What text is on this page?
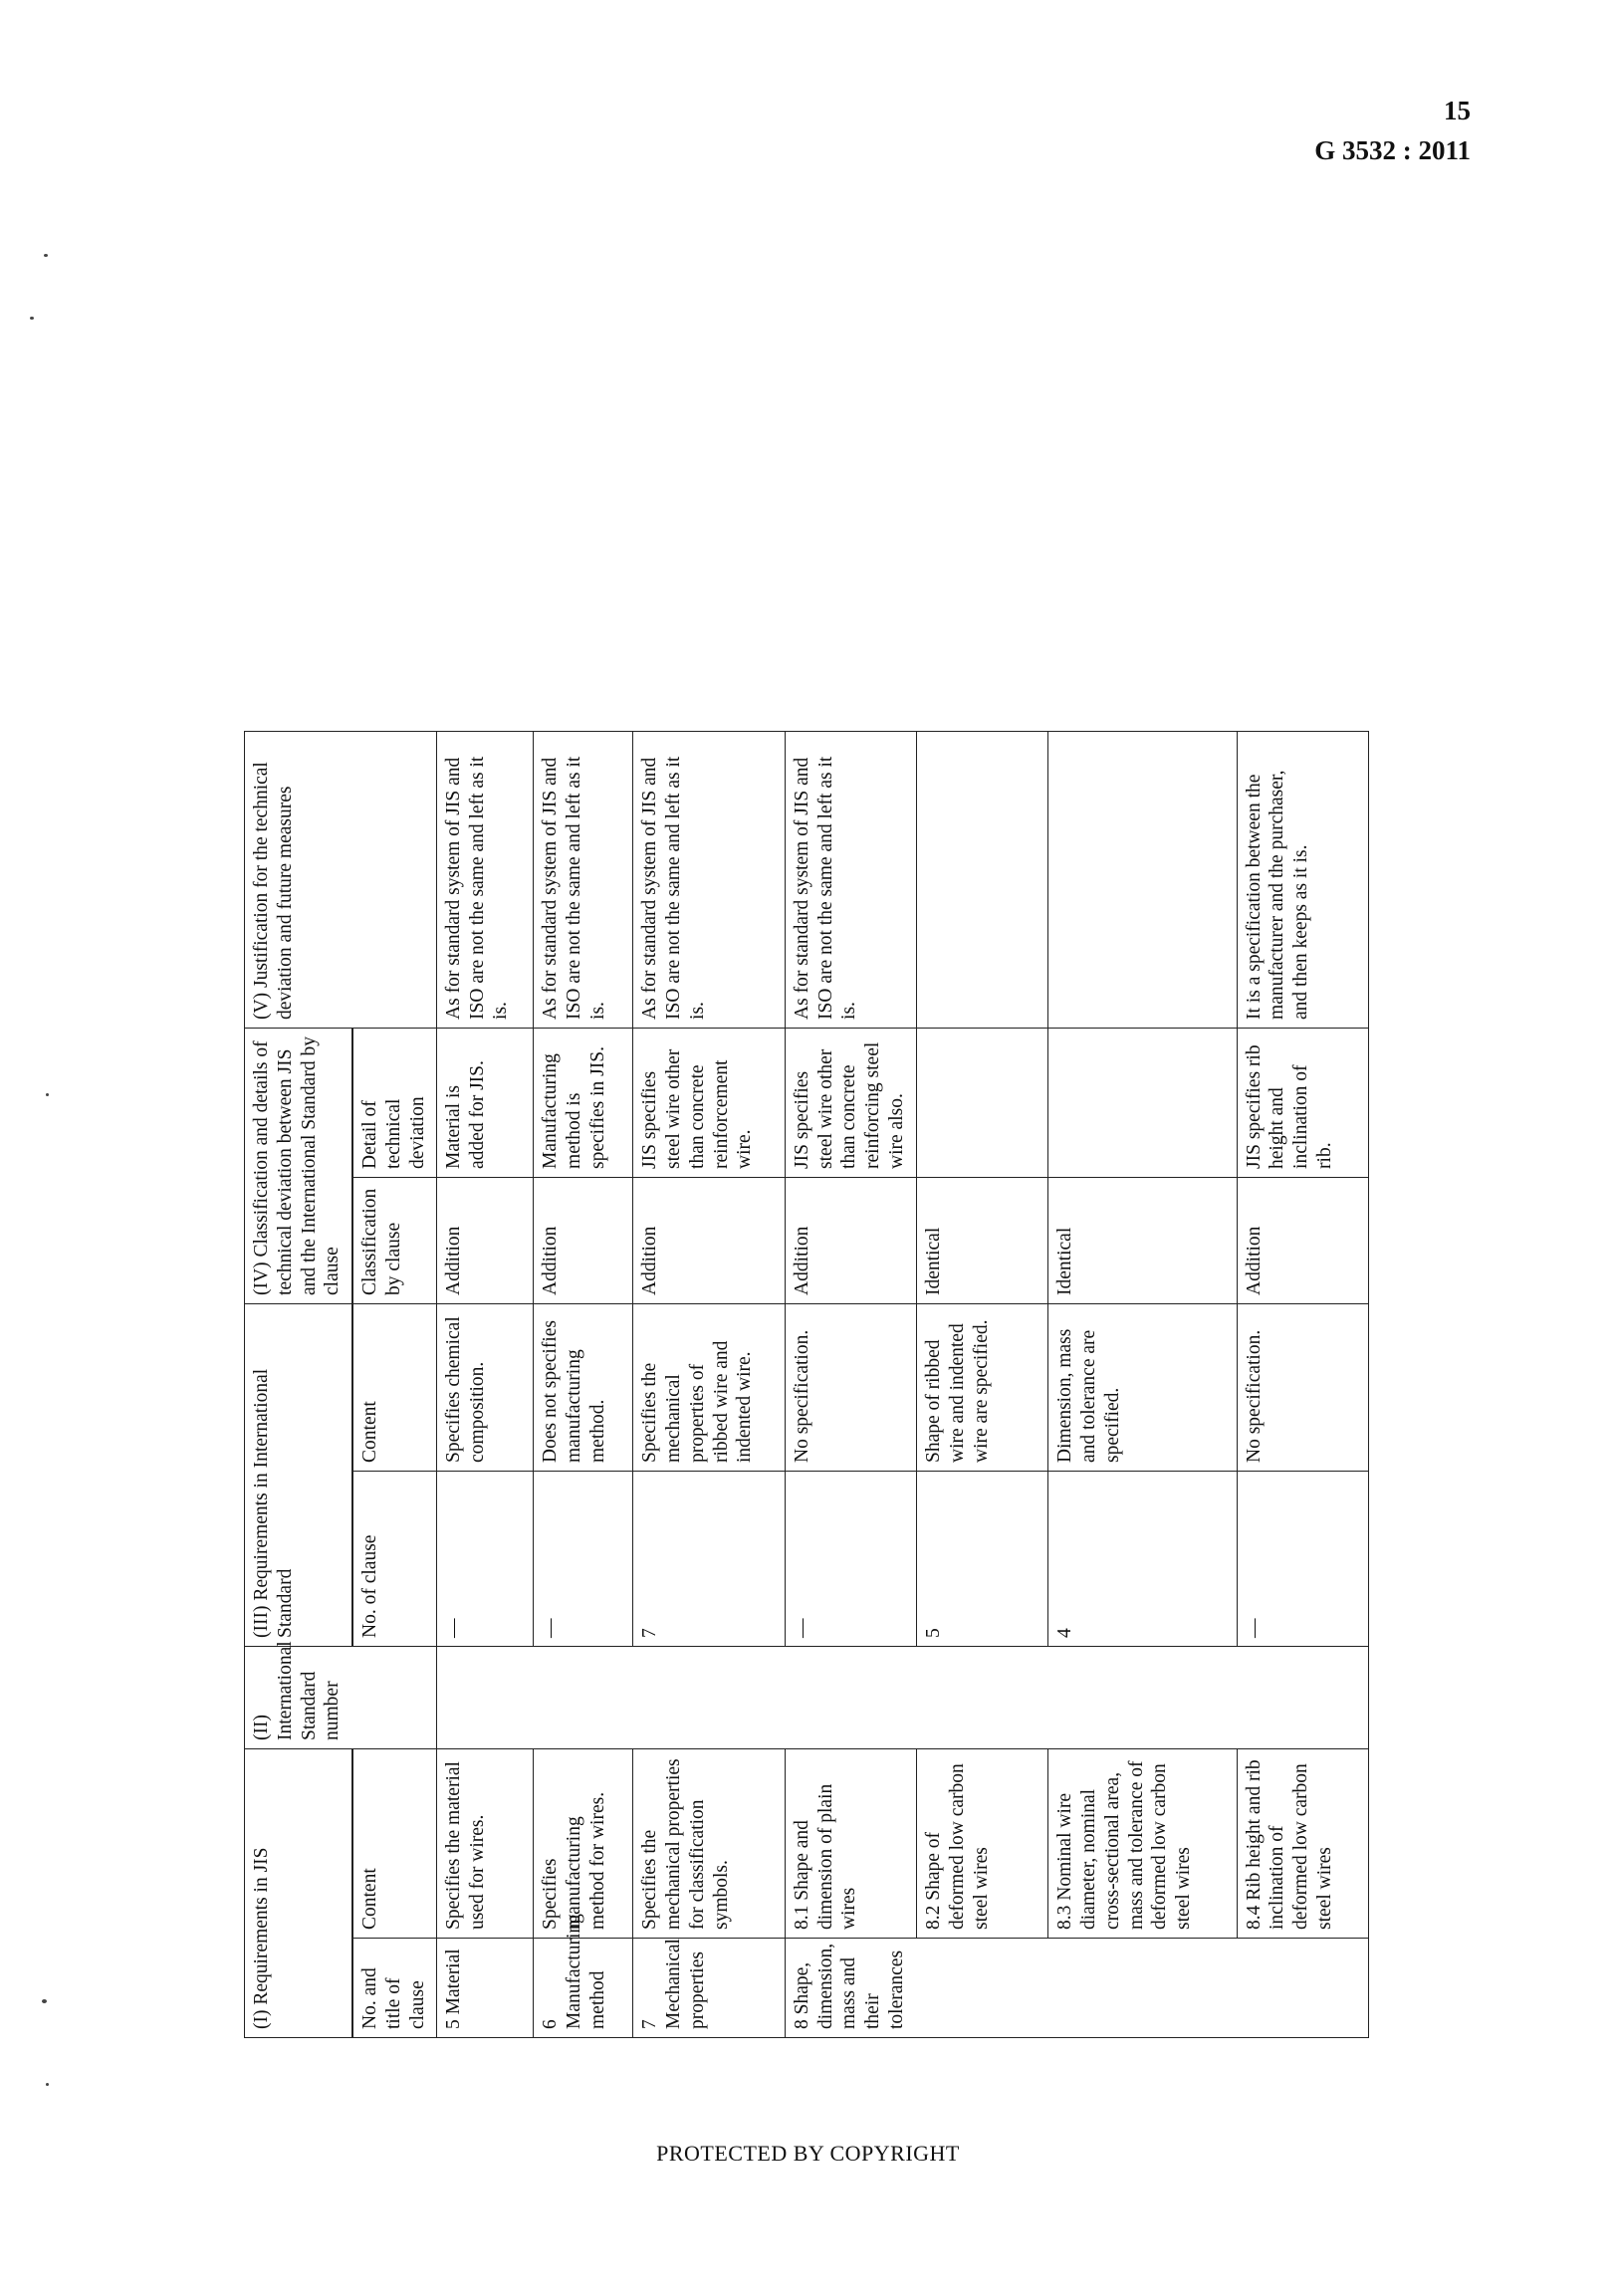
15
G 3532 : 2011
(I) Requirements in JIS		(II) International Standard number	(III) Requirements in International Standard		(IV) Classification and details of technical deviation between JIS and the International Standard by clause		(V) Justification for the technical deviation and future measures
No. and title of clause	Content		No. of clause	Content	Classification by clause	Detail of technical deviation	
5 Material	Specifies the material used for wires.		—	Specifies chemical composition.	Addition	Material is added for JIS.	As for standard system of JIS and ISO are not the same and left as it is.
6 Manufacturing method	Specifies manufacturing method for wires.		—	Does not specifies manufacturing method.	Addition	Manufacturing method is specifies in JIS.	As for standard system of JIS and ISO are not the same and left as it is.
7 Mechanical properties	Specifies the mechanical properties for classification symbols.		7	Specifies the mechanical properties of ribbed wire and indented wire.	Addition	JIS specifies steel wire other than concrete reinforcement wire.	As for standard system of JIS and ISO are not the same and left as it is.
8 Shape, dimension, mass and their tolerances	8.1 Shape and dimension of plain wires		—	No specification.	Addition	JIS specifies steel wire other than concrete reinforcing steel wire also.	As for standard system of JIS and ISO are not the same and left as it is.
	8.2 Shape of deformed low carbon steel wires		5	Shape of ribbed wire and indented wire are specified.	Identical		
	8.3 Nominal wire diameter, nominal cross-sectional area, mass and tolerance of deformed low carbon steel wires		4	Dimension, mass and tolerance are specified.	Identical		
	8.4 Rib height and rib inclination of deformed low carbon steel wires		—	No specification.	Addition	JIS specifies rib height and inclination of rib.	It is a specification between the manufacturer and the purchaser, and then keeps as it is.
PROTECTED BY COPYRIGHT
